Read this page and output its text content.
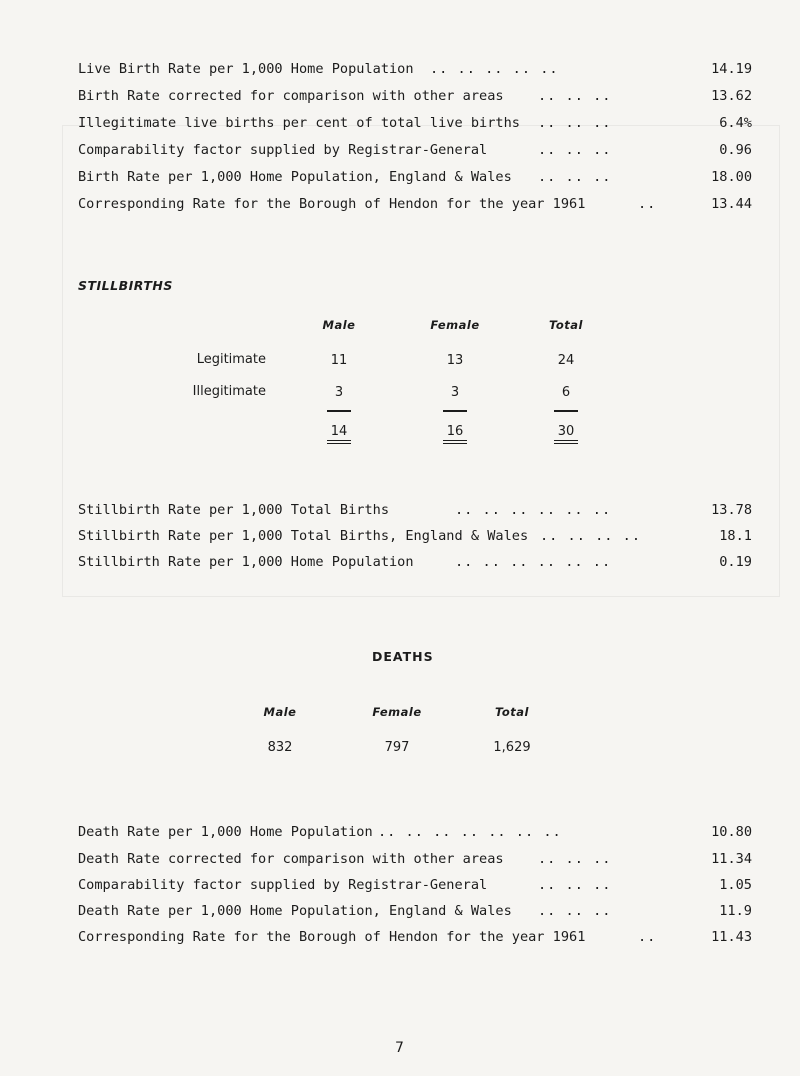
Live Birth Rate per 1,000 Home Population .. .. .. .. ..	14.19
Birth Rate corrected for comparison with other areas	.. .. ..	13.62
Illegitimate live births per cent of total live births .. .. ..	6.4%
Comparability factor supplied by Registrar-General	.. .. ..	0.96
Birth Rate per 1,000 Home Population, England & Wales .. .. ..	18.00
Corresponding Rate for the Borough of Hendon for the year 1961	..	13.44
STILLBIRTHS
Male	Female	Total
Legitimate	11	13	24
Illegitimate	3	3	6
14	16	30
Stillbirth Rate per 1,000 Total Births	.. .. .. .. .. ..	13.78
Stillbirth Rate per 1,000 Total Births, England & Wales .. .. .. ..	18.1
Stillbirth Rate per 1,000 Home Population	.. .. .. .. .. ..	0.19
DEATHS
Male	Female	Total
832	797	1,629
Death Rate per 1,000 Home Population .. .. .. .. .. .. ..	10.80
Death Rate corrected for comparison with other areas	.. .. ..	11.34
Comparability factor supplied by Registrar-General	.. .. ..	1.05
Death Rate per 1,000 Home Population, England & Wales .. .. ..	11.9
Corresponding Rate for the Borough of Hendon for the year 1961	..	11.43
7
